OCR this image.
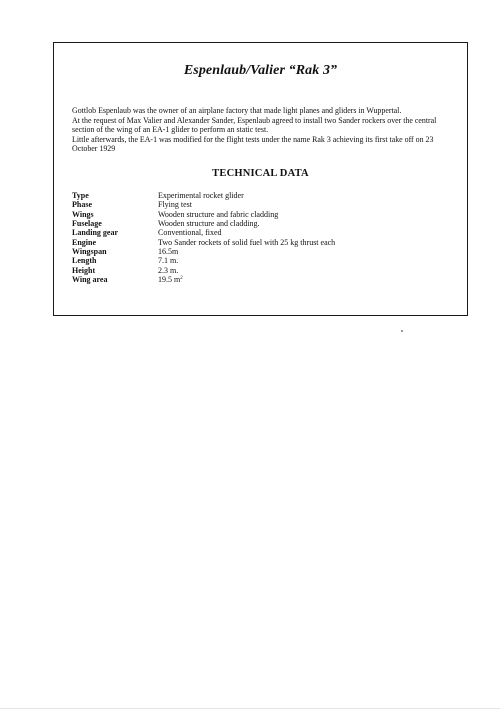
Espenlaub/Valier “Rak 3”

Gottlob Espenlaub was the owner of an airplane factory that made light planes and gliders in Wuppertal.

At the request of Max Valier and Alexander Sander, Espenlaub agreed to install two Sander rockers over the central section of the wing of an EA-1 glider to perform an static test.

Little afterwards, the EA-1 was modified for the flight tests under the name Rak 3 achieving its first take off on 23 October 1929

TECHNICAL DATA
Type	Experimental rocket glider
Phase	Flying test
Wings	Wooden structure and fabric cladding
Fuselage	Wooden structure and cladding.
Landing gear	Conventional, fixed
Engine	Two Sander rockets of solid fuel with 25 kg thrust each
Wingspan	16.5m
Length	7.1 m.
Height	2.3 m.
Wing area	19.5 $m^2$
